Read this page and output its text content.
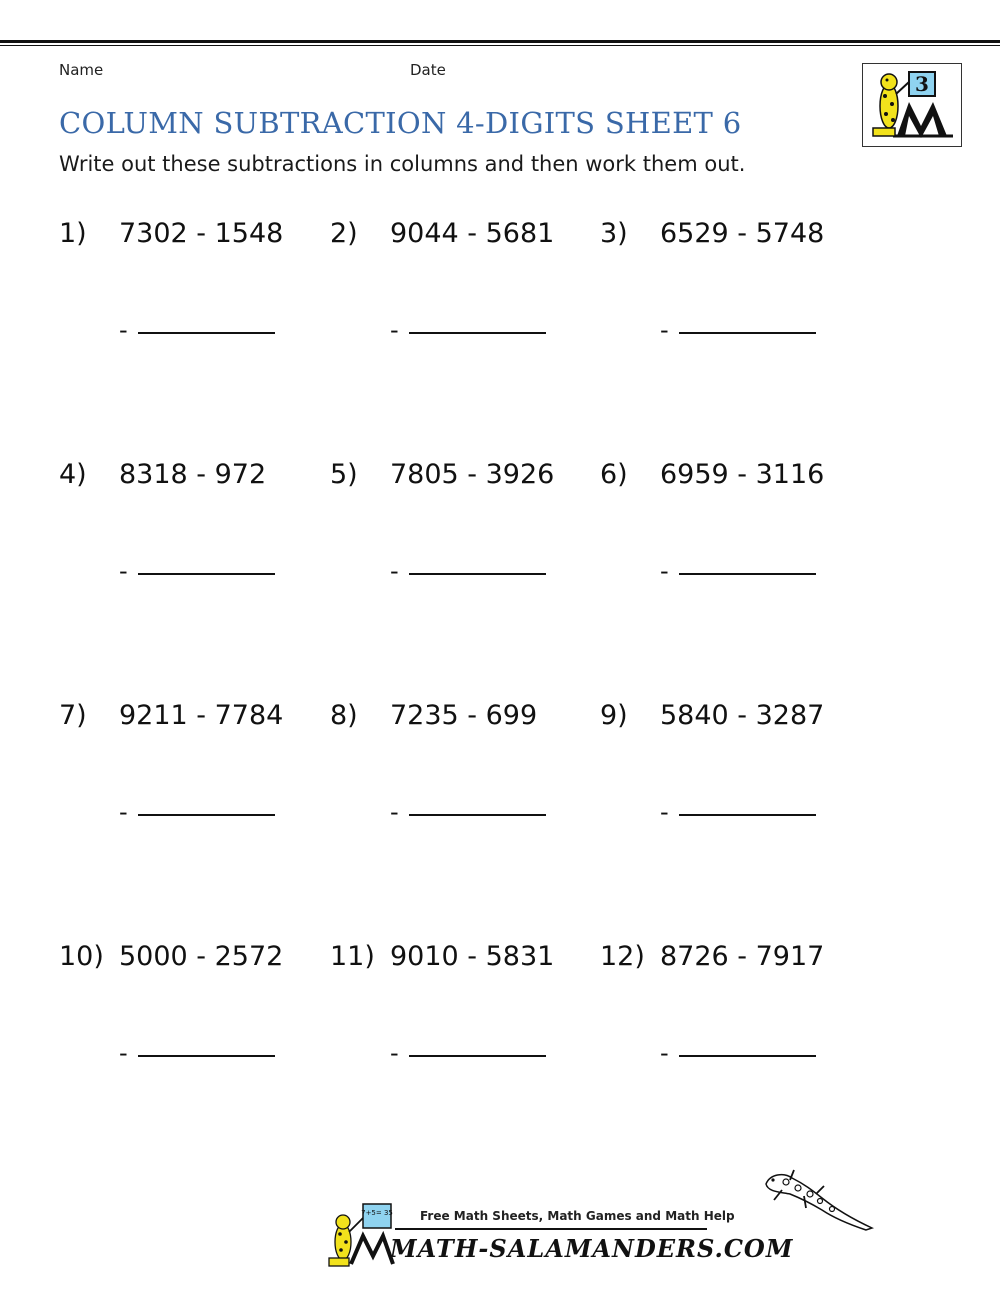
Name	Date
COLUMN SUBTRACTION 4-DIGITS SHEET 6
Write out these subtractions in columns and then work them out.
3
1) 7302 - 1548
-
2) 9044 - 5681
-
3) 6529 - 5748
-
4) 8318 - 972
-
5) 7805 - 3926
-
6) 6959 - 3116
-
7) 9211 - 7784
-
8) 7235 - 699
-
9) 5840 - 3287
-
10) 5000 - 2572
-
11) 9010 - 5831
-
12) 8726 - 7917
-
7+5= 35 Free Math Sheets, Math Games and Math Help
MATH-SALAMANDERS.COM
